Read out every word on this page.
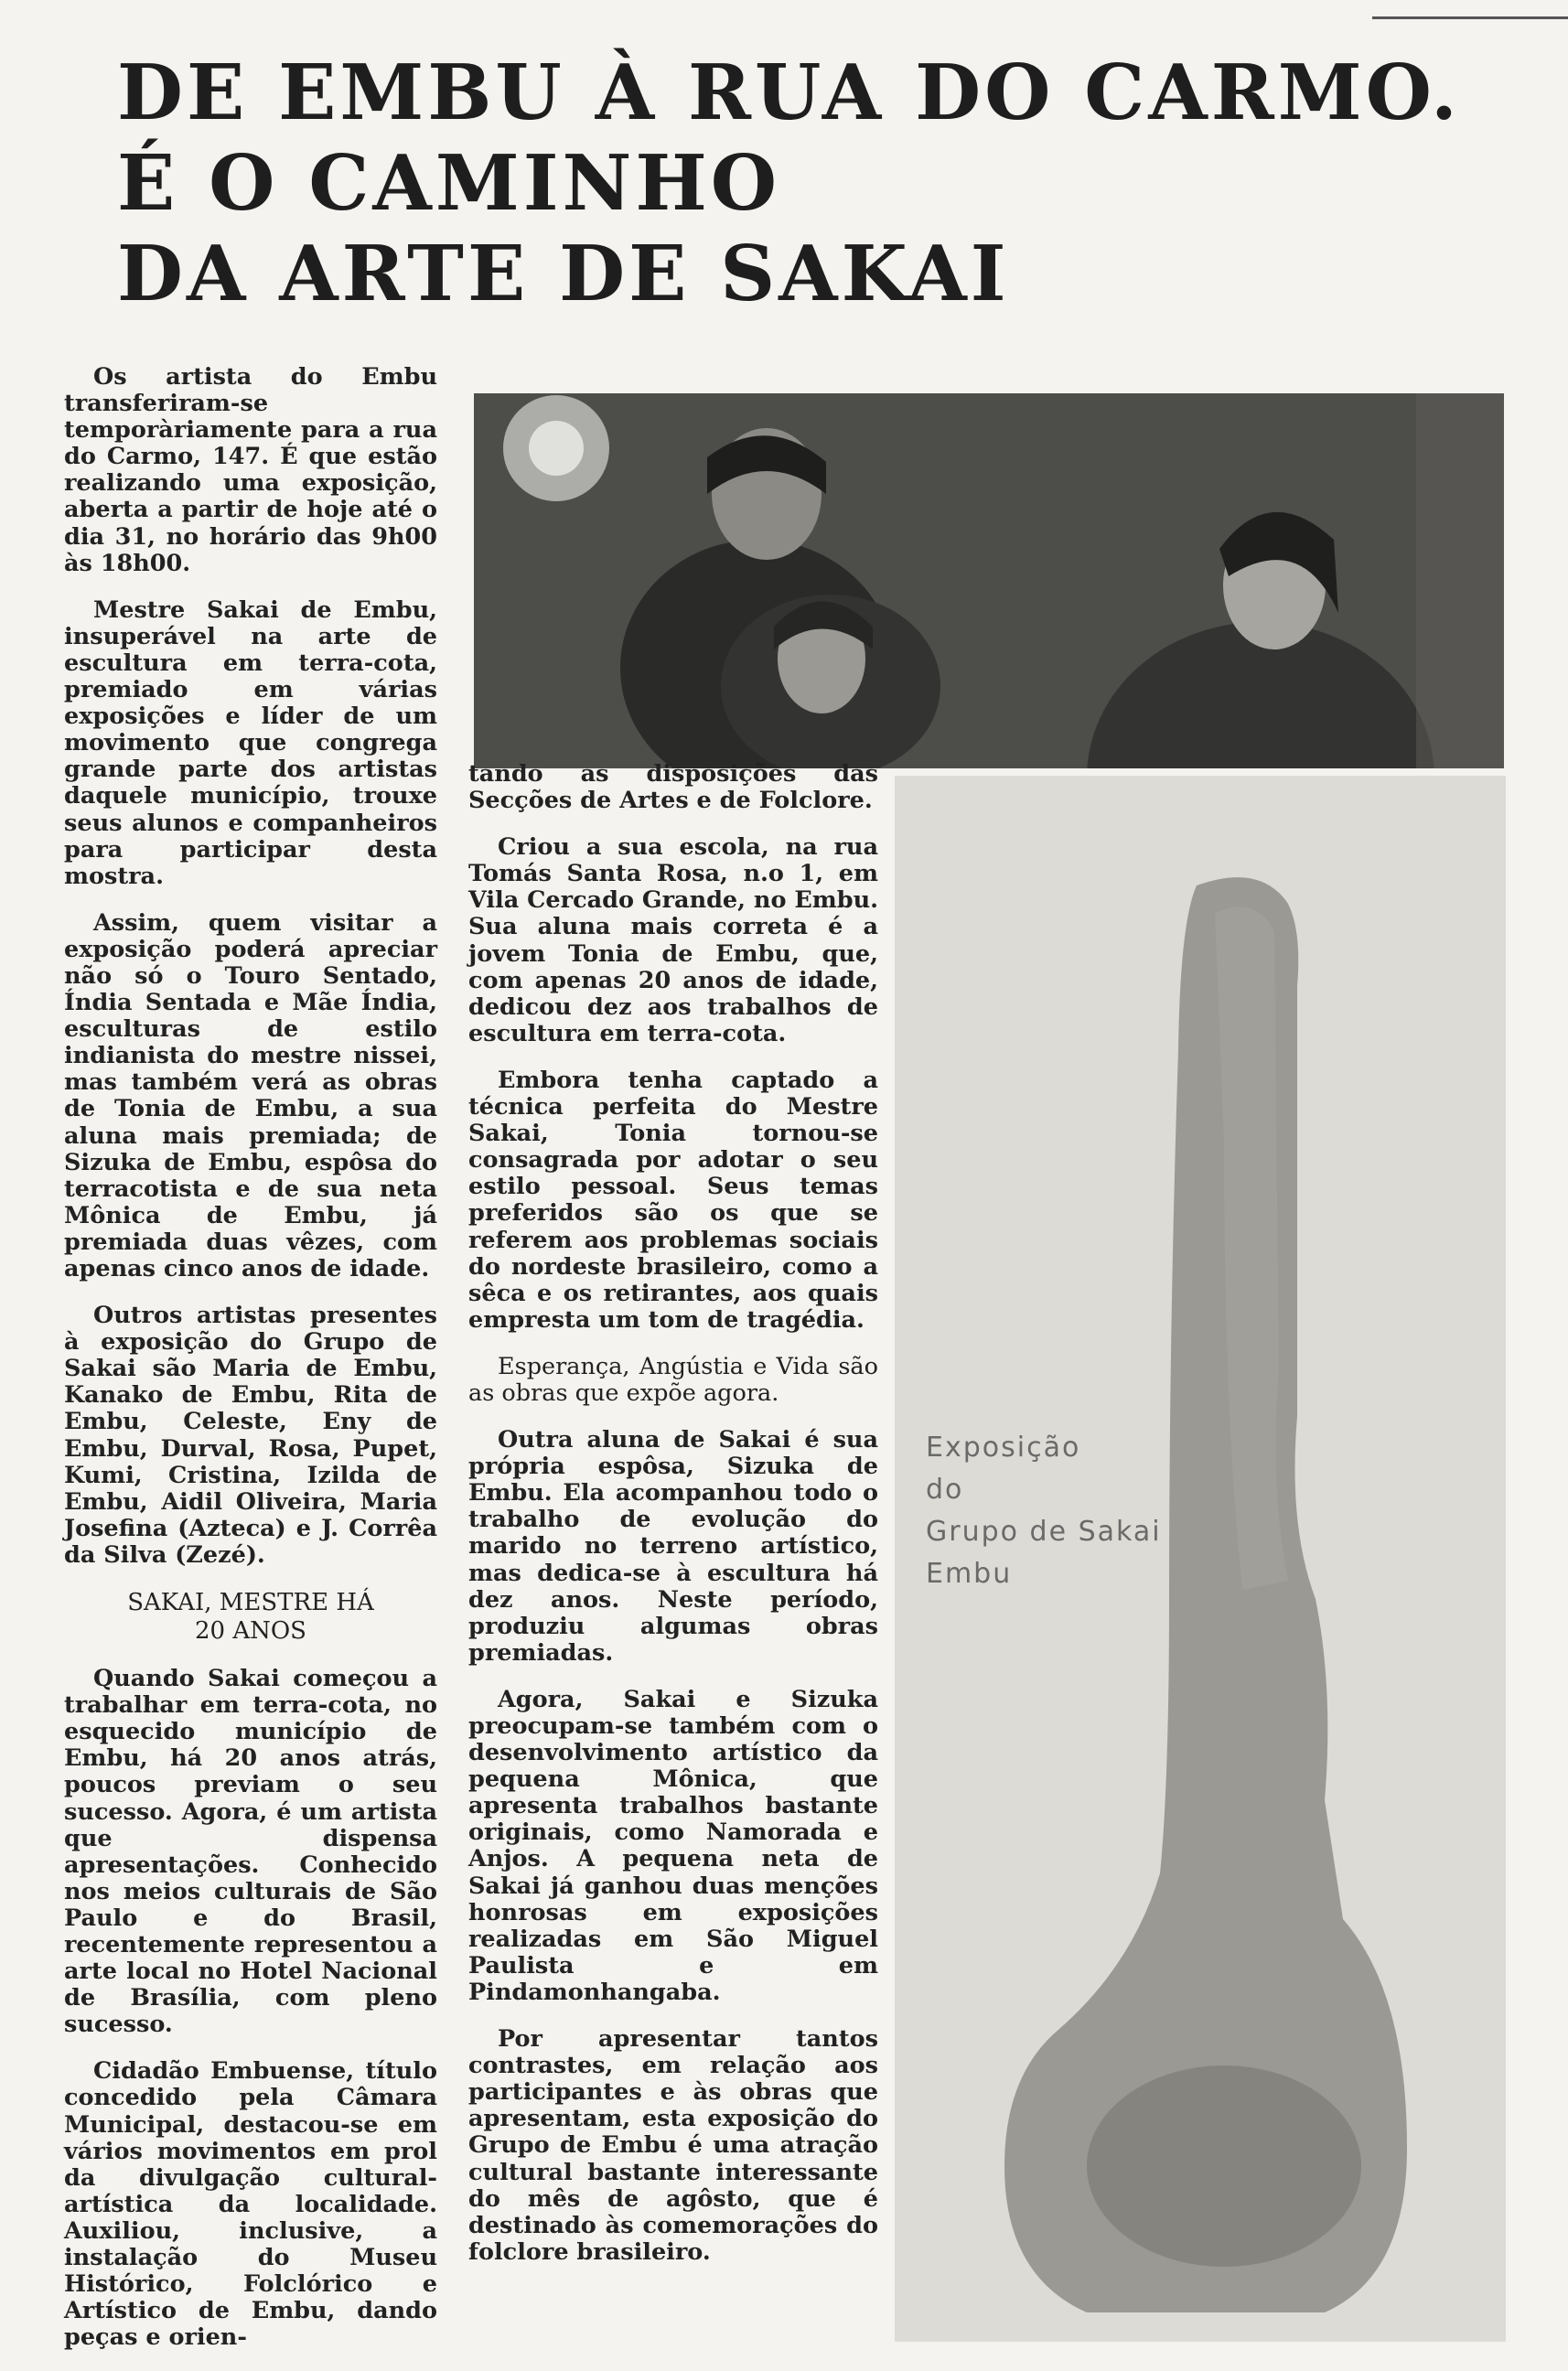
DE EMBU À RUA DO CARMO.
É O CAMINHO
DA ARTE DE SAKAI
Exposição
do
Grupo de Sakai
Embu

Os artista do Embu transferiram-se temporàriamente para a rua do Carmo, 147. É que estão realizando uma exposição, aberta a partir de hoje até o dia 31, no horário das 9h00 às 18h00.

Mestre Sakai de Embu, insuperável na arte de escultura em terra-cota, premiado em várias exposições e líder de um movimento que congrega grande parte dos artistas daquele município, trouxe seus alunos e companheiros para participar desta mostra.

Assim, quem visitar a exposição poderá apreciar não só o Touro Sentado, Índia Sentada e Mãe Índia, esculturas de estilo indianista do mestre nissei, mas também verá as obras de Tonia de Embu, a sua aluna mais premiada; de Sizuka de Embu, espôsa do terracotista e de sua neta Mônica de Embu, já premiada duas vêzes, com apenas cinco anos de idade.

Outros artistas presentes à exposição do Grupo de Sakai são Maria de Embu, Kanako de Embu, Rita de Embu, Celeste, Eny de Embu, Durval, Rosa, Pupet, Kumi, Cristina, Izilda de Embu, Aidil Oliveira, Maria Josefina (Azteca) e J. Corrêa da Silva (Zezé).

SAKAI, MESTRE HÁ
20 ANOS

Quando Sakai começou a trabalhar em terra-cota, no esquecido município de Embu, há 20 anos atrás, poucos previam o seu sucesso. Agora, é um artista que dispensa apresentações. Conhecido nos meios culturais de São Paulo e do Brasil, recentemente representou a arte local no Hotel Nacional de Brasília, com pleno sucesso.

Cidadão Embuense, título concedido pela Câmara Municipal, destacou-se em vários movimentos em prol da divulgação cultural-artística da localidade. Auxiliou, inclusive, a instalação do Museu Histórico, Folclórico e Artístico de Embu, dando peças e orien-

tando as disposições das Secções de Artes e de Folclore.

Criou a sua escola, na rua Tomás Santa Rosa, n.o 1, em Vila Cercado Grande, no Embu. Sua aluna mais correta é a jovem Tonia de Embu, que, com apenas 20 anos de idade, dedicou dez aos trabalhos de escultura em terra-cota.

Embora tenha captado a técnica perfeita do Mestre Sakai, Tonia tornou-se consagrada por adotar o seu estilo pessoal. Seus temas preferidos são os que se referem aos problemas sociais do nordeste brasileiro, como a sêca e os retirantes, aos quais empresta um tom de tragédia.

Esperança, Angústia e Vida são as obras que expõe agora.

Outra aluna de Sakai é sua própria espôsa, Sizuka de Embu. Ela acompanhou todo o trabalho de evolução do marido no terreno artístico, mas dedica-se à escultura há dez anos. Neste período, produziu algumas obras premiadas.

Agora, Sakai e Sizuka preocupam-se também com o desenvolvimento artístico da pequena Mônica, que apresenta trabalhos bastante originais, como Namorada e Anjos. A pequena neta de Sakai já ganhou duas menções honrosas em exposições realizadas em São Miguel Paulista e em Pindamonhangaba.

Por apresentar tantos contrastes, em relação aos participantes e às obras que apresentam, esta exposição do Grupo de Embu é uma atração cultural bastante interessante do mês de agôsto, que é destinado às comemorações do folclore brasileiro.
